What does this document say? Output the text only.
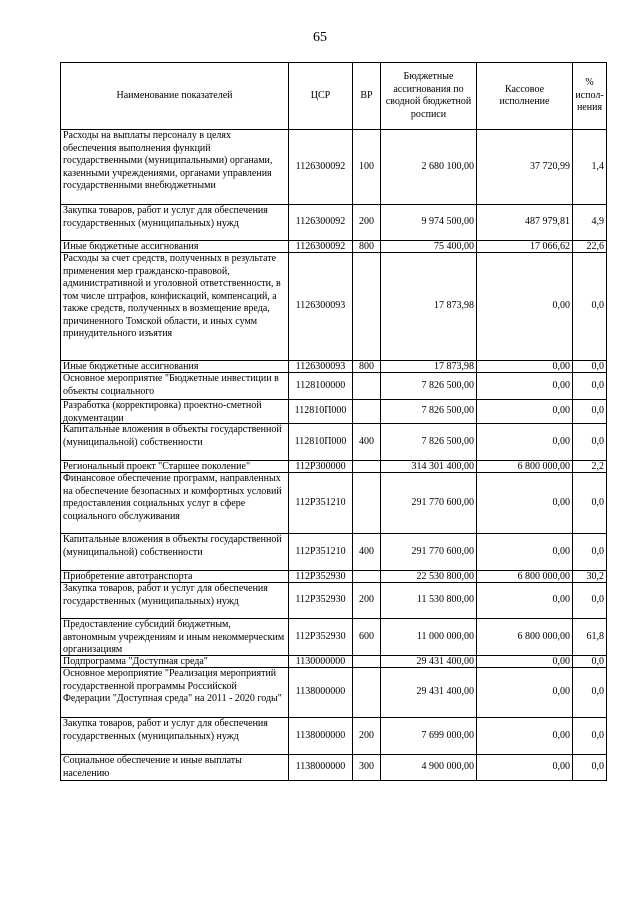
65
Наименование показателей	ЦСР	ВР	Бюджетные ассигнования по сводной бюджетной росписи	Кассовое исполнение	% испол-нения

Расходы на выплаты персоналу в целях обеспечения выполнения функций государственными (муниципальными) органами, казенными учреждениями, органами управления государственными внебюджетными	1126300092	100	2 680 100,00	37 720,99	1,4

Закупка товаров, работ и услуг для обеспечения государственных (муниципальных) нужд	1126300092	200	9 974 500,00	487 979,81	4,9

Иные бюджетные ассигнования	1126300092	800	75 400,00	17 066,62	22,6

Расходы за счет средств, полученных в результате применения мер гражданско-правовой, административной и уголовной ответственности, в том числе штрафов, конфискаций, компенсаций, а также средств, полученных в возмещение вреда, причиненного Томской области, и иных сумм принудительного изъятия	1126300093		17 873,98	0,00	0,0

Иные бюджетные ассигнования	1126300093	800	17 873,98	0,00	0,0

Основное мероприятие "Бюджетные инвестиции в объекты социального	1128100000		7 826 500,00	0,00	0,0

Разработка (корректировка) проектно-сметной документации	112810П000		7 826 500,00	0,00	0,0

Капитальные вложения в объекты государственной (муниципальной) собственности	112810П000	400	7 826 500,00	0,00	0,0

Региональный проект "Старшее поколение"	112P300000		314 301 400,00	6 800 000,00	2,2

Финансовое обеспечение программ, направленных на обеспечение безопасных и комфортных условий предоставления социальных услуг в сфере социального обслуживания	112P351210		291 770 600,00	0,00	0,0

Капитальные вложения в объекты государственной (муниципальной) собственности	112P351210	400	291 770 600,00	0,00	0,0

Приобретение автотранспорта	112P352930		22 530 800,00	6 800 000,00	30,2

Закупка товаров, работ и услуг для обеспечения государственных (муниципальных) нужд	112P352930	200	11 530 800,00	0,00	0,0

Предоставление субсидий бюджетным, автономным учреждениям и иным некоммерческим организациям	112P352930	600	11 000 000,00	6 800 000,00	61,8

Подпрограмма "Доступная среда"	1130000000		29 431 400,00	0,00	0,0

Основное мероприятие "Реализация мероприятий государственной программы Российской Федерации "Доступная среда" на 2011 - 2020 годы"	1138000000		29 431 400,00	0,00	0,0

Закупка товаров, работ и услуг для обеспечения государственных (муниципальных) нужд	1138000000	200	7 699 000,00	0,00	0,0

Социальное обеспечение и иные выплаты населению	1138000000	300	4 900 000,00	0,00	0,0
